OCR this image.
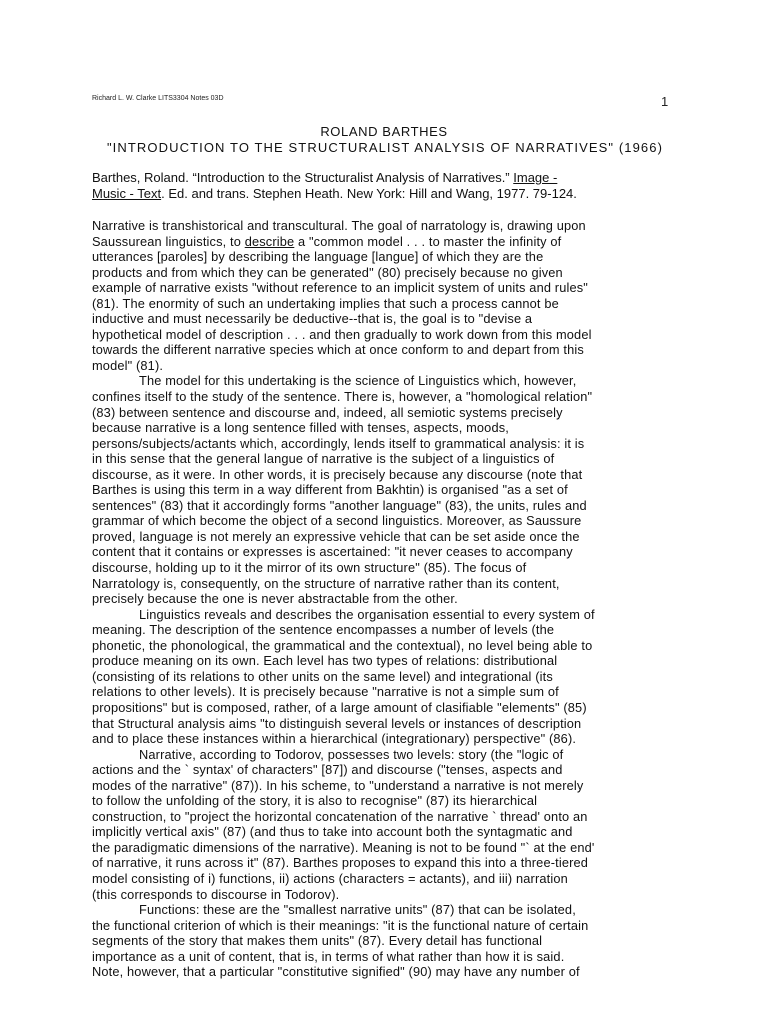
Richard L. W. Clarke LITS3304 Notes 03D	1
ROLAND BARTHES
"INTRODUCTION TO THE STRUCTURALIST ANALYSIS OF NARRATIVES" (1966)
Barthes, Roland. “Introduction to the Structuralist Analysis of Narratives.” Image -
Music - Text. Ed. and trans. Stephen Heath. New York: Hill and Wang, 1977. 79-124.

Narrative is transhistorical and transcultural. The goal of narratology is, drawing upon

Saussurean linguistics, to describe a "common model . . . to master the infinity of

utterances [paroles] by describing the language [langue] of which they are the

products and from which they can be generated" (80) precisely because no given

example of narrative exists "without reference to an implicit system of units and rules"

(81). The enormity of such an undertaking implies that such a process cannot be

inductive and must necessarily be deductive--that is, the goal is to "devise a

hypothetical model of description . . . and then gradually to work down from this model

towards the different narrative species which at once conform to and depart from this

model" (81).

The model for this undertaking is the science of Linguistics which, however,

confines itself to the study of the sentence. There is, however, a "homological relation"

(83) between sentence and discourse and, indeed, all semiotic systems precisely

because narrative is a long sentence filled with tenses, aspects, moods,

persons/subjects/actants which, accordingly, lends itself to grammatical analysis: it is

in this sense that the general langue of narrative is the subject of a linguistics of

discourse, as it were. In other words, it is precisely because any discourse (note that

Barthes is using this term in a way different from Bakhtin) is organised "as a set of

sentences" (83) that it accordingly forms "another language" (83), the units, rules and

grammar of which become the object of a second linguistics. Moreover, as Saussure

proved, language is not merely an expressive vehicle that can be set aside once the

content that it contains or expresses is ascertained: "it never ceases to accompany

discourse, holding up to it the mirror of its own structure" (85). The focus of

Narratology is, consequently, on the structure of narrative rather than its content,

precisely because the one is never abstractable from the other.

Linguistics reveals and describes the organisation essential to every system of

meaning. The description of the sentence encompasses a number of levels (the

phonetic, the phonological, the grammatical and the contextual), no level being able to

produce meaning on its own. Each level has two types of relations: distributional

(consisting of its relations to other units on the same level) and integrational (its

relations to other levels). It is precisely because "narrative is not a simple sum of

propositions" but is composed, rather, of a large amount of clasifiable "elements" (85)

that Structural analysis aims "to distinguish several levels or instances of description

and to place these instances within a hierarchical (integrationary) perspective" (86).

Narrative, according to Todorov, possesses two levels: story (the "logic of

actions and the ` syntax' of characters" [87]) and discourse ("tenses, aspects and

modes of the narrative" (87)). In his scheme, to "understand a narrative is not merely

to follow the unfolding of the story, it is also to recognise" (87) its hierarchical

construction, to "project the horizontal concatenation of the narrative ` thread' onto an

implicitly vertical axis" (87) (and thus to take into account both the syntagmatic and

the paradigmatic dimensions of the narrative). Meaning is not to be found "` at the end'

of narrative, it runs across it" (87). Barthes proposes to expand this into a three-tiered

model consisting of i) functions, ii) actions (characters = actants), and iii) narration

(this corresponds to discourse in Todorov).

Functions: these are the "smallest narrative units" (87) that can be isolated,

the functional criterion of which is their meanings: "it is the functional nature of certain

segments of the story that makes them units" (87). Every detail has functional

importance as a unit of content, that is, in terms of what rather than how it is said.

Note, however, that a particular "constitutive signified" (90) may have any number of
